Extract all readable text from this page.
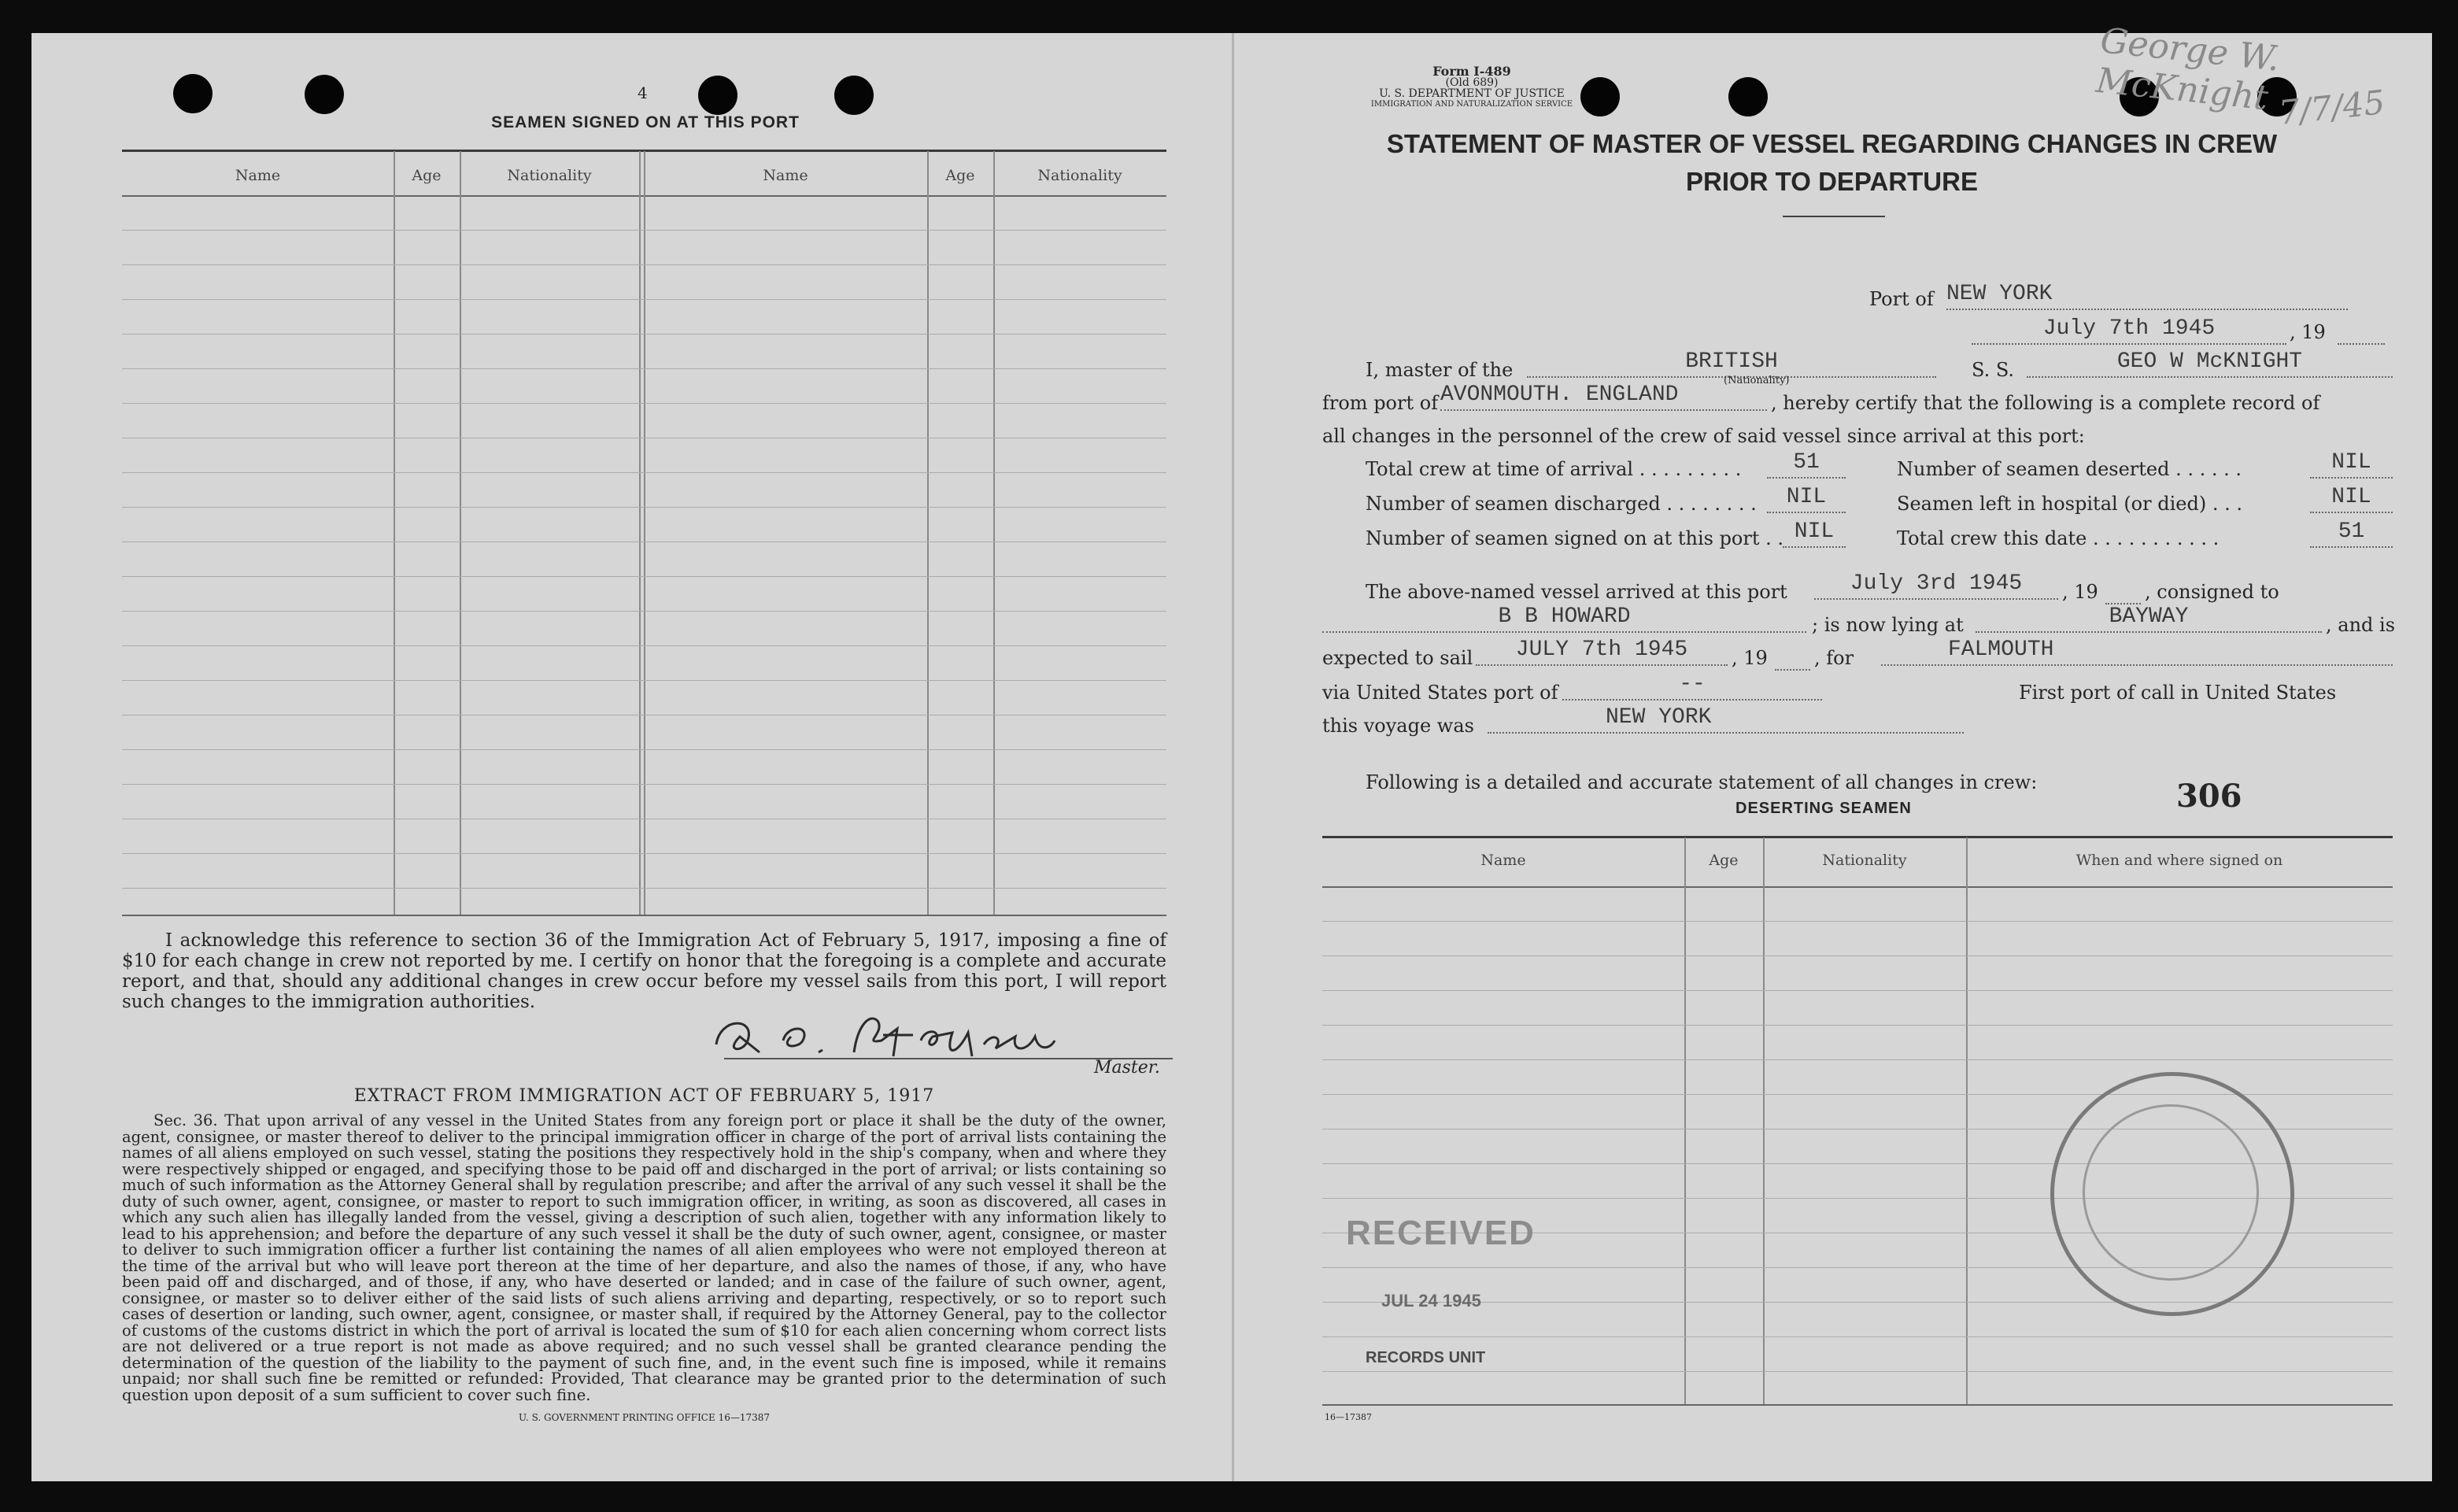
4
SEAMEN SIGNED ON AT THIS PORT
Name	Age	Nationality	Name	Age	Nationality
I acknowledge this reference to section 36 of the Immigration Act of February 5, 1917, imposing a fine of $10 for each change in crew not reported by me. I certify on honor that the foregoing is a complete and accurate report, and that, should any additional changes in crew occur before my vessel sails from this port, I will report such changes to the immigration authorities.
Master.
EXTRACT FROM IMMIGRATION ACT OF FEBRUARY 5, 1917
Sec. 36. That upon arrival of any vessel in the United States from any foreign port or place it shall be the duty of the owner, agent, consignee, or master thereof to deliver to the principal immigration officer in charge of the port of arrival lists containing the names of all aliens employed on such vessel, stating the positions they respectively hold in the ship's company, when and where they were respectively shipped or engaged, and specifying those to be paid off and discharged in the port of arrival; or lists containing so much of such information as the Attorney General shall by regulation prescribe; and after the arrival of any such vessel it shall be the duty of such owner, agent, consignee, or master to report to such immigration officer, in writing, as soon as discovered, all cases in which any such alien has illegally landed from the vessel, giving a description of such alien, together with any information likely to lead to his apprehension; and before the departure of any such vessel it shall be the duty of such owner, agent, consignee, or master to deliver to such immigration officer a further list containing the names of all alien employees who were not employed thereon at the time of the arrival but who will leave port thereon at the time of her departure, and also the names of those, if any, who have been paid off and discharged, and of those, if any, who have deserted or landed; and in case of the failure of such owner, agent, consignee, or master so to deliver either of the said lists of such aliens arriving and departing, respectively, or so to report such cases of desertion or landing, such owner, agent, consignee, or master shall, if required by the Attorney General, pay to the collector of customs of the customs district in which the port of arrival is located the sum of $10 for each alien concerning whom correct lists are not delivered or a true report is not made as above required; and no such vessel shall be granted clearance pending the determination of the question of the liability to the payment of such fine, and, in the event such fine is imposed, while it remains unpaid; nor shall such fine be remitted or refunded: Provided, That clearance may be granted prior to the determination of such question upon deposit of a sum sufficient to cover such fine.
U. S. GOVERNMENT PRINTING OFFICE 16—17387
Form I-489
(Old 689)
U. S. DEPARTMENT OF JUSTICE
IMMIGRATION AND NATURALIZATION SERVICE
George W. McKnight 7/7/45
STATEMENT OF MASTER OF VESSEL REGARDING CHANGES IN CREW
PRIOR TO DEPARTURE
Port of NEW YORK
July 7th 1945	, 19
I, master of the	BRITISH
(Nationality)	S. S.	GEO W McKNIGHT
from port of AVONMOUTH. ENGLAND	, hereby certify that the following is a complete record of
all changes in the personnel of the crew of said vessel since arrival at this port:
Total crew at time of arrival . . . . . . . . .	51	Number of seamen deserted . . . . . .	NIL
Number of seamen discharged . . . . . . . .	NIL	Seamen left in hospital (or died) . . .	NIL
Number of seamen signed on at this port . . NIL	Total crew this date . . . . . . . . . . .	51
The above-named vessel arrived at this port	July 3rd 1945	, 19 , consigned to
B B HOWARD	; is now lying at	BAYWAY	, and is
expected to sail	JULY 7th 1945	, 19 , for	FALMOUTH
via United States port of	--	First port of call in United States
this voyage was	NEW YORK
Following is a detailed and accurate statement of all changes in crew:
DESERTING SEAMEN	306
Name	Age	Nationality	When and where signed on
RECEIVED
JUL 24 1945
RECORDS UNIT
16—17387
